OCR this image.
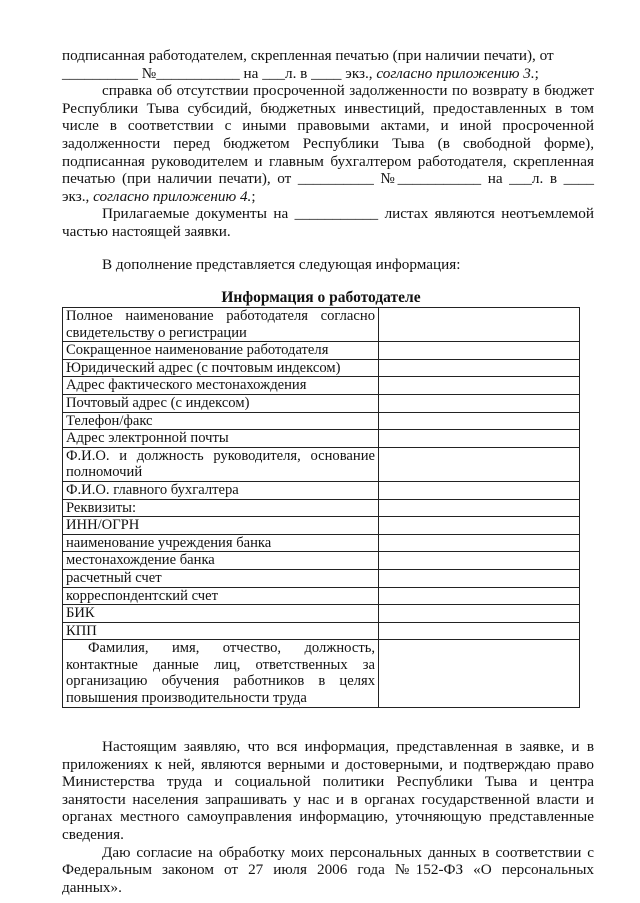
подписанная работодателем, скрепленная печатью (при наличии печати), от

__________ №___________ на ___л. в ____ экз., согласно приложению 3.;

справка об отсутствии просроченной задолженности по возврату в бюджет Республики Тыва субсидий, бюджетных инвестиций, предоставленных в том числе в соответствии с иными правовыми актами, и иной просроченной задолженности перед бюджетом Республики Тыва (в свободной форме), подписанная руководителем и главным бухгалтером работодателя, скрепленная печатью (при наличии печати), от __________ №___________ на ___л. в ____ экз., согласно приложению 4.;

Прилагаемые документы на ___________ листах являются неотъемлемой частью настоящей заявки.

В дополнение представляется следующая информация:

Информация о работодателе
Полное наименование работодателя согласно свидетельству о регистрации	
Сокращенное наименование работодателя	
Юридический адрес (с почтовым индексом)	
Адрес фактического местонахождения	
Почтовый адрес (с индексом)	
Телефон/факс	
Адрес электронной почты	
Ф.И.О. и должность руководителя, основание полномочий	
Ф.И.О. главного бухгалтера	
Реквизиты:	
ИНН/ОГРН	
наименование учреждения банка	
местонахождение банка	
расчетный счет	
корреспондентский счет	
БИК	
КПП	
Фамилия, имя, отчество, должность, контактные данные лиц, ответственных за организацию обучения работников в целях повышения производительности труда	

Настоящим заявляю, что вся информация, представленная в заявке, и в приложениях к ней, являются верными и достоверными, и подтверждаю право Министерства труда и социальной политики Республики Тыва и центра занятости населения запрашивать у нас и в органах государственной власти и органах местного самоуправления информацию, уточняющую представленные сведения.

Даю согласие на обработку моих персональных данных в соответствии с Федеральным законом от 27 июля 2006 года №152-ФЗ «О персональных данных».
